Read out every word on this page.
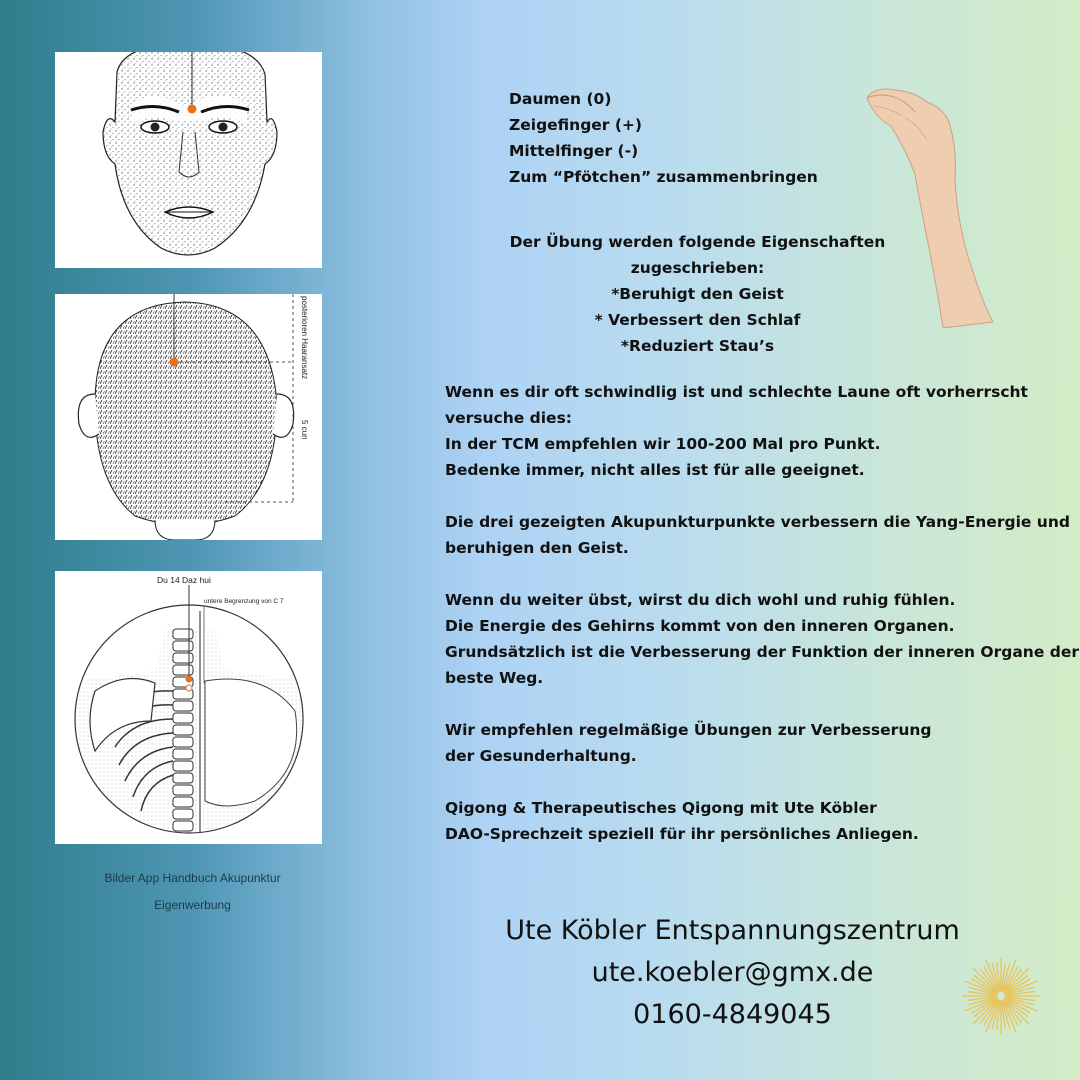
posterioren Haaransatz
5 cun
Du 14 Daz hui
untere Begrenzung von C 7
Bilder App Handbuch Akupunktur
Eigenwerbung
Daumen (0)
Zeigefinger (+)
Mittelfinger (-)
Zum “Pfötchen” zusammenbringen
Der Übung werden folgende Eigenschaften
zugeschrieben:
*Beruhigt den Geist
* Verbessert den Schlaf
*Reduziert Stau’s

Wenn es dir oft schwindlig ist und schlechte Laune oft vorherrscht
versuche dies:
In der TCM empfehlen wir 100-200 Mal pro Punkt.
Bedenke immer, nicht alles ist für alle geeignet.

Die drei gezeigten Akupunkturpunkte verbessern die Yang-Energie und
beruhigen den Geist.

Wenn du weiter übst, wirst du dich wohl und ruhig fühlen.
Die Energie des Gehirns kommt von den inneren Organen.
Grundsätzlich ist die Verbesserung der Funktion der inneren Organe der
beste Weg.

Wir empfehlen regelmäßige Übungen zur Verbesserung
der Gesunderhaltung.

Qigong & Therapeutisches Qigong mit Ute Köbler
DAO-Sprechzeit speziell für ihr persönliches Anliegen.

Ute Köbler Entspannungszentrum
ute.koebler@gmx.de
0160-4849045
